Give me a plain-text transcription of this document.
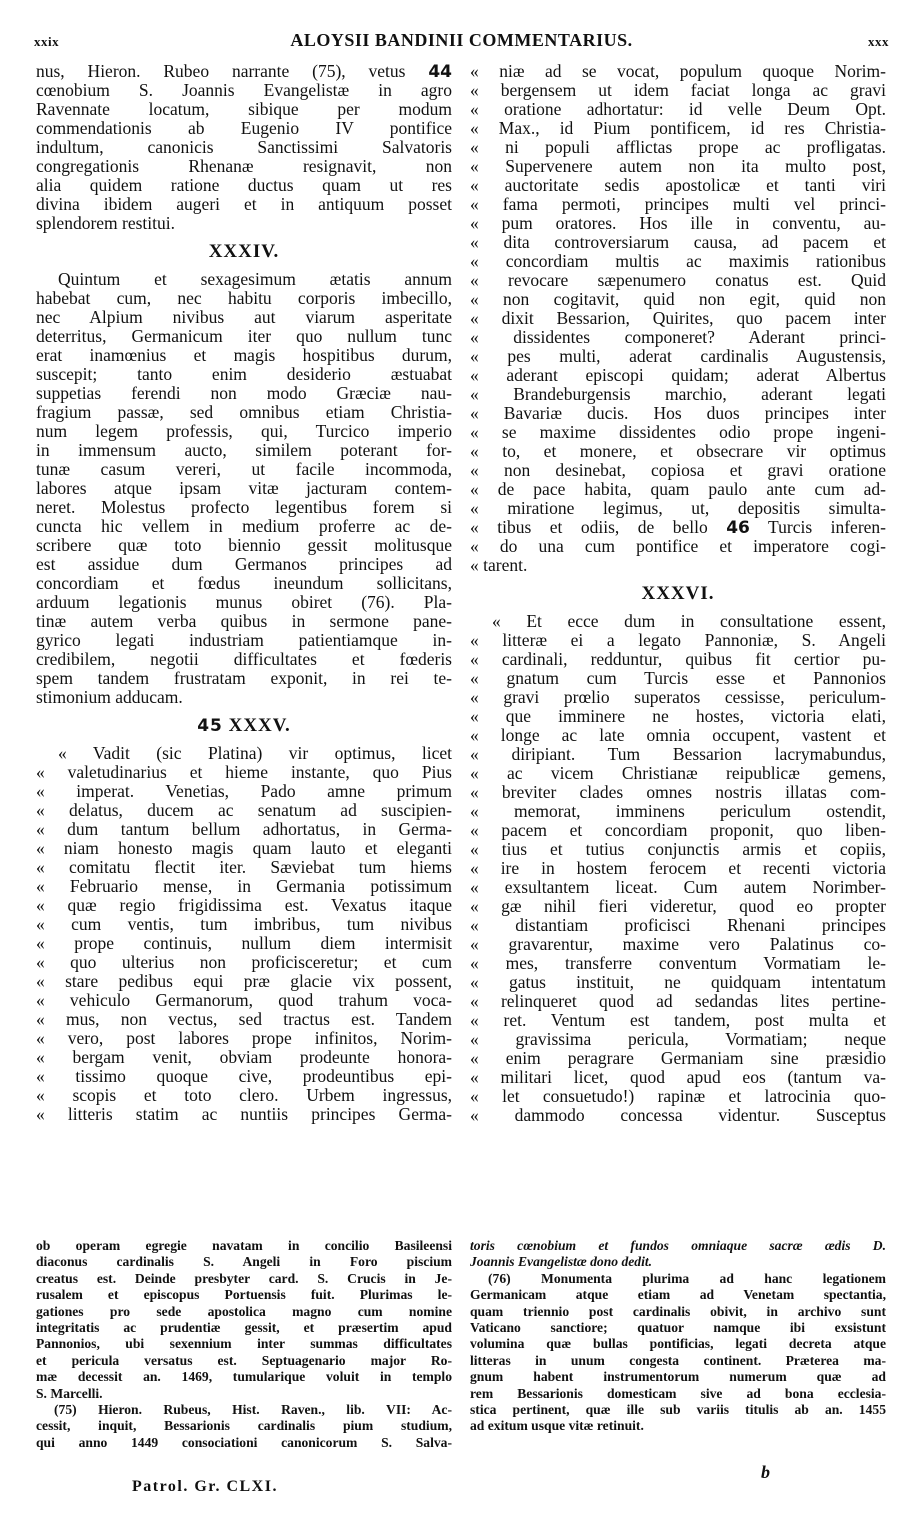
xxix	ALOYSII BANDINII COMMENTARIUS.	xxx
nus, Hieron. Rubeo narrante (75), vetus 44
cœnobium S. Joannis Evangelistæ in agro
Ravennate locatum, sibique per modum
commendationis ab Eugenio IV pontifice
indultum, canonicis Sanctissimi Salvatoris
congregationis Rhenanæ resignavit, non
alia quidem ratione ductus quam ut res
divina ibidem augeri et in antiquum posset
splendorem restitui.
XXXIV.
Quintum et sexagesimum ætatis annum
habebat cum, nec habitu corporis imbecillo,
nec Alpium nivibus aut viarum asperitate
deterritus, Germanicum iter quo nullum tunc
erat inamœnius et magis hospitibus durum,
suscepit; tanto enim desiderio æstuabat
suppetias ferendi non modo Græciæ nau-
fragium passæ, sed omnibus etiam Christia-
num legem professis, qui, Turcico imperio
in immensum aucto, similem poterant for-
tunæ casum vereri, ut facile incommoda,
labores atque ipsam vitæ jacturam contem-
neret. Molestus profecto legentibus forem si
cuncta hic vellem in medium proferre ac de-
scribere quæ toto biennio gessit molitusque
est assidue dum Germanos principes ad
concordiam et fœdus ineundum sollicitans,
arduum legationis munus obiret (76). Pla-
tinæ autem verba quibus in sermone pane-
gyrico legati industriam patientiamque in-
credibilem, negotii difficultates et fœderis
spem tandem frustratam exponit, in rei te-
stimonium adducam.
45 XXXV.
« Vadit (sic Platina) vir optimus, licet
« valetudinarius et hieme instante, quo Pius
« imperat. Venetias, Pado amne primum
« delatus, ducem ac senatum ad suscipien-
« dum tantum bellum adhortatus, in Germa-
« niam honesto magis quam lauto et eleganti
« comitatu flectit iter. Sæviebat tum hiems
« Februario mense, in Germania potissimum
« quæ regio frigidissima est. Vexatus itaque
« cum ventis, tum imbribus, tum nivibus
« prope continuis, nullum diem intermisit
« quo ulterius non proficisceretur; et cum
« stare pedibus equi præ glacie vix possent,
« vehiculo Germanorum, quod trahum voca-
« mus, non vectus, sed tractus est. Tandem
« vero, post labores prope infinitos, Norim-
« bergam venit, obviam prodeunte honora-
« tissimo quoque cive, prodeuntibus epi-
« scopis et toto clero. Urbem ingressus,
« litteris statim ac nuntiis principes Germa-
« niæ ad se vocat, populum quoque Norim-
« bergensem ut idem faciat longa ac gravi
« oratione adhortatur: id velle Deum Opt.
« Max., id Pium pontificem, id res Christia-
« ni populi afflictas prope ac profligatas.
« Supervenere autem non ita multo post,
« auctoritate sedis apostolicæ et tanti viri
« fama permoti, principes multi vel princi-
« pum oratores. Hos ille in conventu, au-
« dita controversiarum causa, ad pacem et
« concordiam multis ac maximis rationibus
« revocare sæpenumero conatus est. Quid
« non cogitavit, quid non egit, quid non
« dixit Bessarion, Quirites, quo pacem inter
« dissidentes componeret? Aderant princi-
« pes multi, aderat cardinalis Augustensis,
« aderant episcopi quidam; aderat Albertus
« Brandeburgensis marchio, aderant legati
« Bavariæ ducis. Hos duos principes inter
« se maxime dissidentes odio prope ingeni-
« to, et monere, et obsecrare vir optimus
« non desinebat, copiosa et gravi oratione
« de pace habita, quam paulo ante cum ad-
« miratione legimus, ut, depositis simulta-
« tibus et odiis, de bello 46 Turcis inferen-
« do una cum pontifice et imperatore cogi-
« tarent.
XXXVI.
« Et ecce dum in consultatione essent,
« litteræ ei a legato Pannoniæ, S. Angeli
« cardinali, redduntur, quibus fit certior pu-
« gnatum cum Turcis esse et Pannonios
« gravi prœlio superatos cessisse, periculum-
« que imminere ne hostes, victoria elati,
« longe ac late omnia occupent, vastent et
« diripiant. Tum Bessarion lacrymabundus,
« ac vicem Christianæ reipublicæ gemens,
« breviter clades omnes nostris illatas com-
« memorat, imminens periculum ostendit,
« pacem et concordiam proponit, quo liben-
« tius et tutius conjunctis armis et copiis,
« ire in hostem ferocem et recenti victoria
« exsultantem liceat. Cum autem Norimber-
« gæ nihil fieri videretur, quod eo propter
« distantiam proficisci Rhenani principes
« gravarentur, maxime vero Palatinus co-
« mes, transferre conventum Vormatiam le-
« gatus instituit, ne quidquam intentatum
« relinqueret quod ad sedandas lites pertine-
« ret. Ventum est tandem, post multa et
« gravissima pericula, Vormatiam; neque
« enim peragrare Germaniam sine præsidio
« militari licet, quod apud eos (tantum va-
« let consuetudo!) rapinæ et latrocinia quo-
« dammodo concessa videntur. Susceptus
ob operam egregie navatam in concilio Basileensi
diaconus cardinalis S. Angeli in Foro piscium
creatus est. Deinde presbyter card. S. Crucis in Je-
rusalem et episcopus Portuensis fuit. Plurimas le-
gationes pro sede apostolica magno cum nomine
integritatis ac prudentiæ gessit, et præsertim apud
Pannonios, ubi sexennium inter summas difficultates
et pericula versatus est. Septuagenario major Ro-
mæ decessit an. 1469, tumularique voluit in templo
S. Marcelli.
(75) Hieron. Rubeus, Hist. Raven., lib. VII: Ac-
cessit, inquit, Bessarionis cardinalis pium studium,
qui anno 1449 consociationi canonicorum S. Salva-
toris cœnobium et fundos omniaque sacræ ædis D.
Joannis Evangelistæ dono dedit.
(76) Monumenta plurima ad hanc legationem
Germanicam atque etiam ad Venetam spectantia,
quam triennio post cardinalis obivit, in archivo sunt
Vaticano sanctiore; quatuor namque ibi exsistunt
volumina quæ bullas pontificias, legati decreta atque
litteras in unum congesta continent. Præterea ma-
gnum habent instrumentorum numerum quæ ad
rem Bessarionis domesticam sive ad bona ecclesia-
stica pertinent, quæ ille sub variis titulis ab an. 1455
ad exitum usque vitæ retinuit.
Patrol. Gr. CLXI.
b
